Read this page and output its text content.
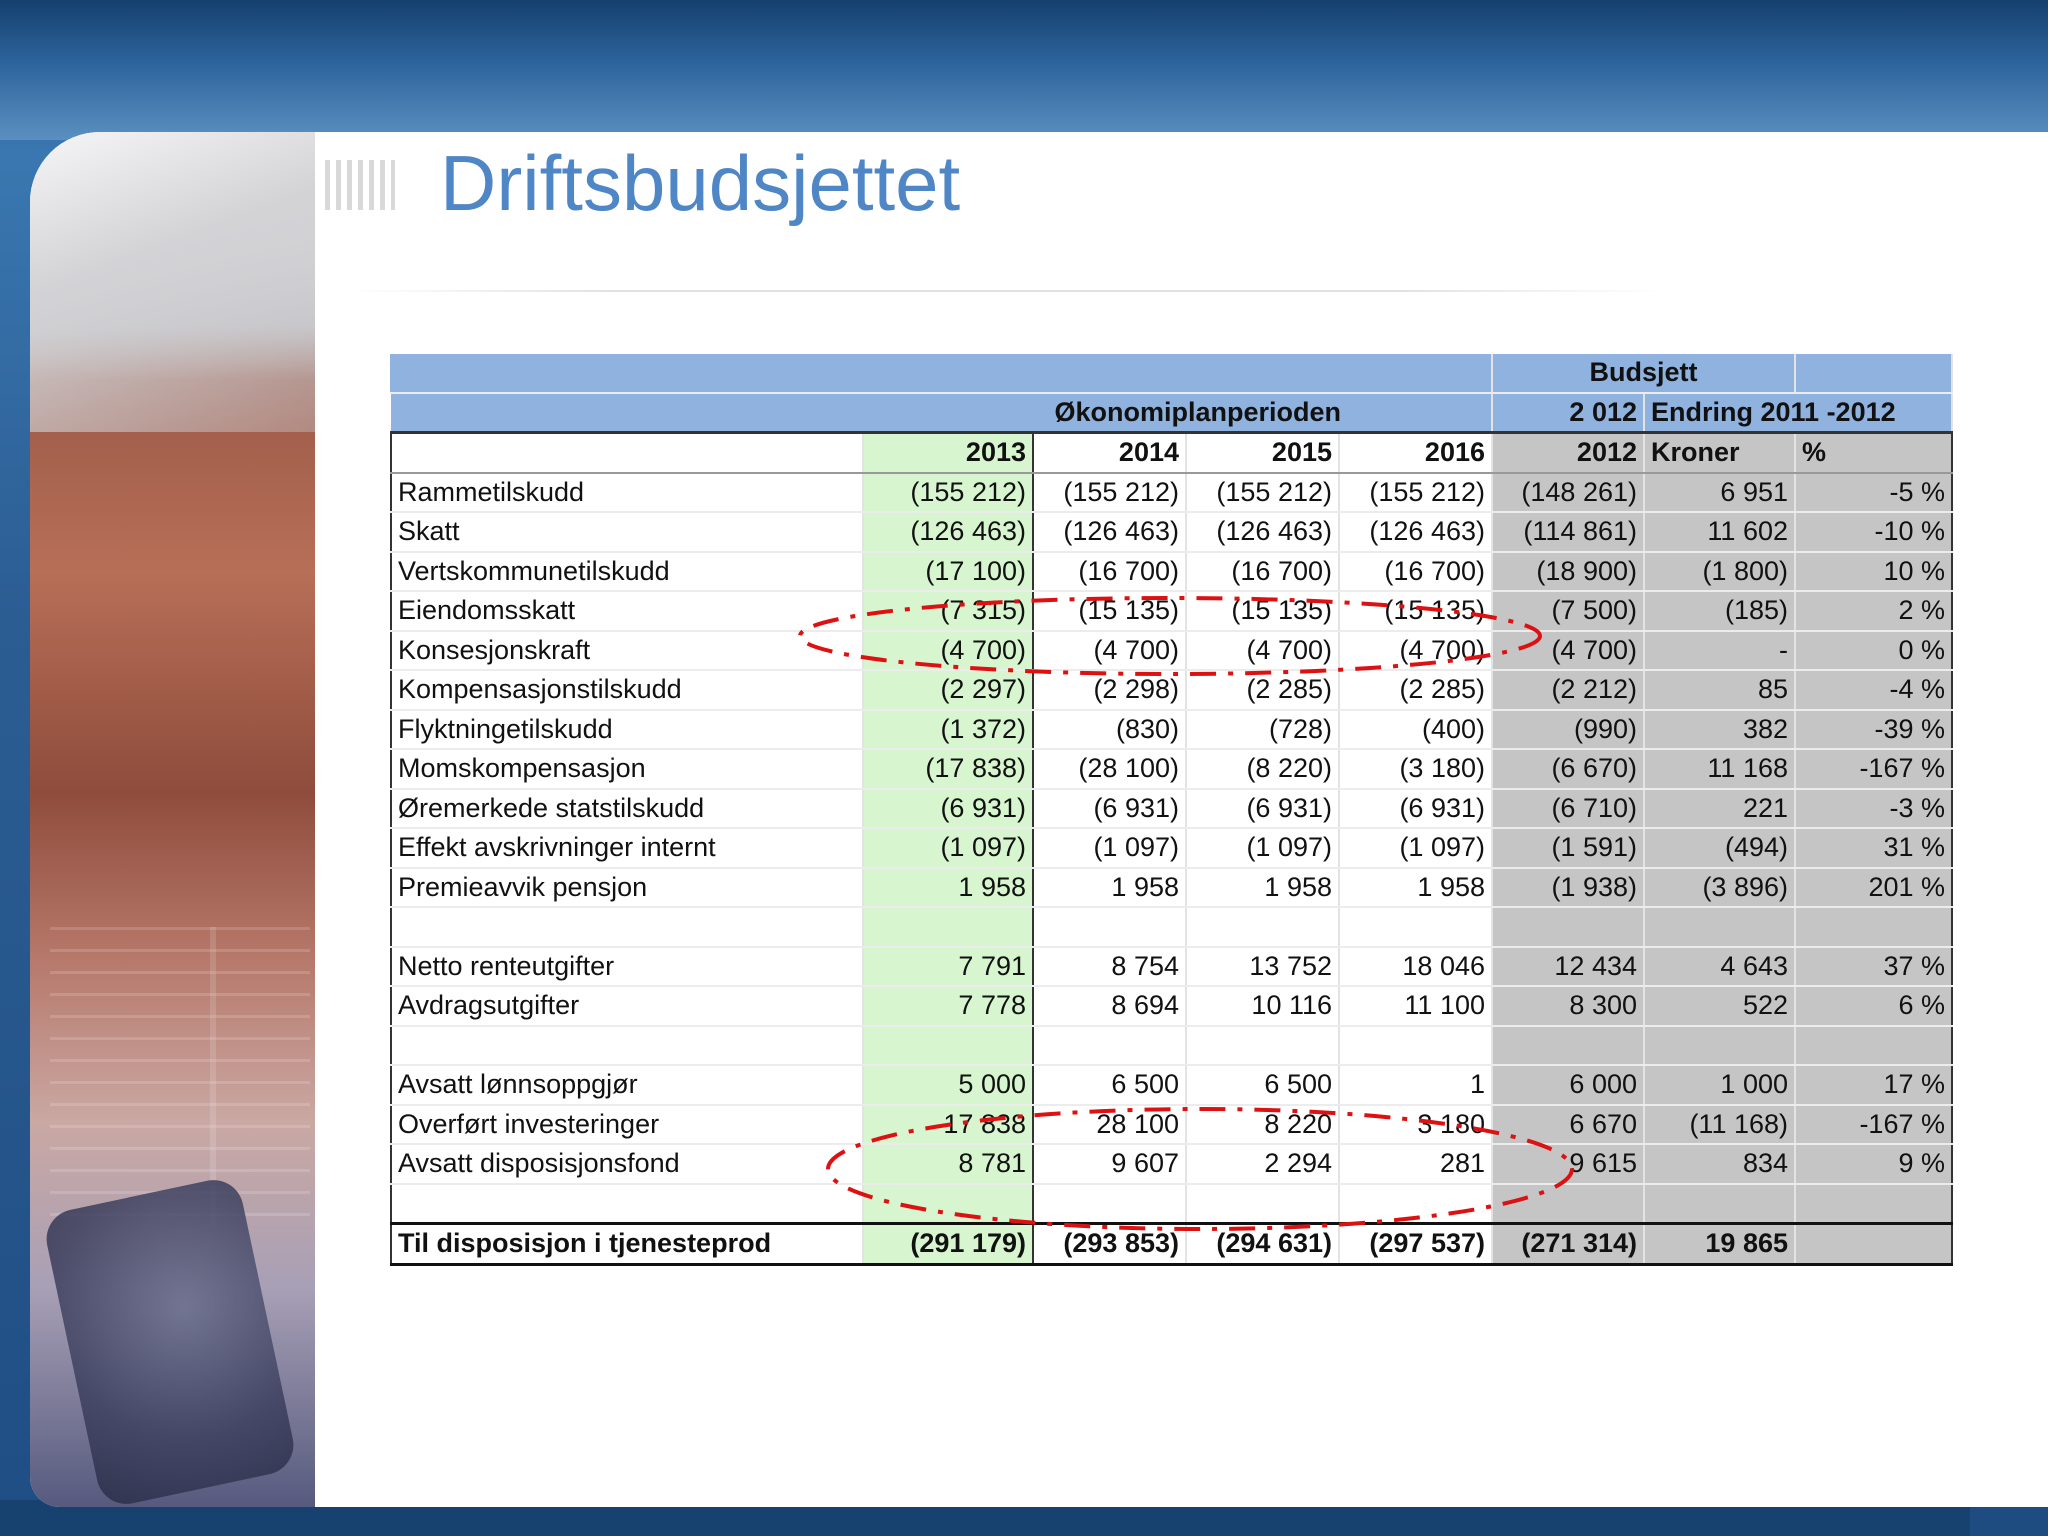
Driftsbudsjettet
					Budsjett		
Økonomiplanperioden					2 012	Endring 2011 -2012	
	2013	2014	2015	2016	2012	Kroner	%
Rammetilskudd	(155 212)	(155 212)	(155 212)	(155 212)	(148 261)	6 951	-5 %
Skatt	(126 463)	(126 463)	(126 463)	(126 463)	(114 861)	11 602	-10 %
Vertskommunetilskudd	(17 100)	(16 700)	(16 700)	(16 700)	(18 900)	(1 800)	10 %
Eiendomsskatt	(7 315)	(15 135)	(15 135)	(15 135)	(7 500)	(185)	2 %
Konsesjonskraft	(4 700)	(4 700)	(4 700)	(4 700)	(4 700)	-	0 %
Kompensasjonstilskudd	(2 297)	(2 298)	(2 285)	(2 285)	(2 212)	85	-4 %
Flyktningetilskudd	(1 372)	(830)	(728)	(400)	(990)	382	-39 %
Momskompensasjon	(17 838)	(28 100)	(8 220)	(3 180)	(6 670)	11 168	-167 %
Øremerkede statstilskudd	(6 931)	(6 931)	(6 931)	(6 931)	(6 710)	221	-3 %
Effekt avskrivninger internt	(1 097)	(1 097)	(1 097)	(1 097)	(1 591)	(494)	31 %
Premieavvik pensjon	1 958	1 958	1 958	1 958	(1 938)	(3 896)	201 %

Netto renteutgifter	7 791	8 754	13 752	18 046	12 434	4 643	37 %
Avdragsutgifter	7 778	8 694	10 116	11 100	8 300	522	6 %

Avsatt lønnsoppgjør	5 000	6 500	6 500	1	6 000	1 000	17 %
Overført investeringer	17 838	28 100	8 220	3 180	6 670	(11 168)	-167 %
Avsatt disposisjonsfond	8 781	9 607	2 294	281	9 615	834	9 %

Til disposisjon i tjenesteprod	(291 179)	(293 853)	(294 631)	(297 537)	(271 314)	19 865	
